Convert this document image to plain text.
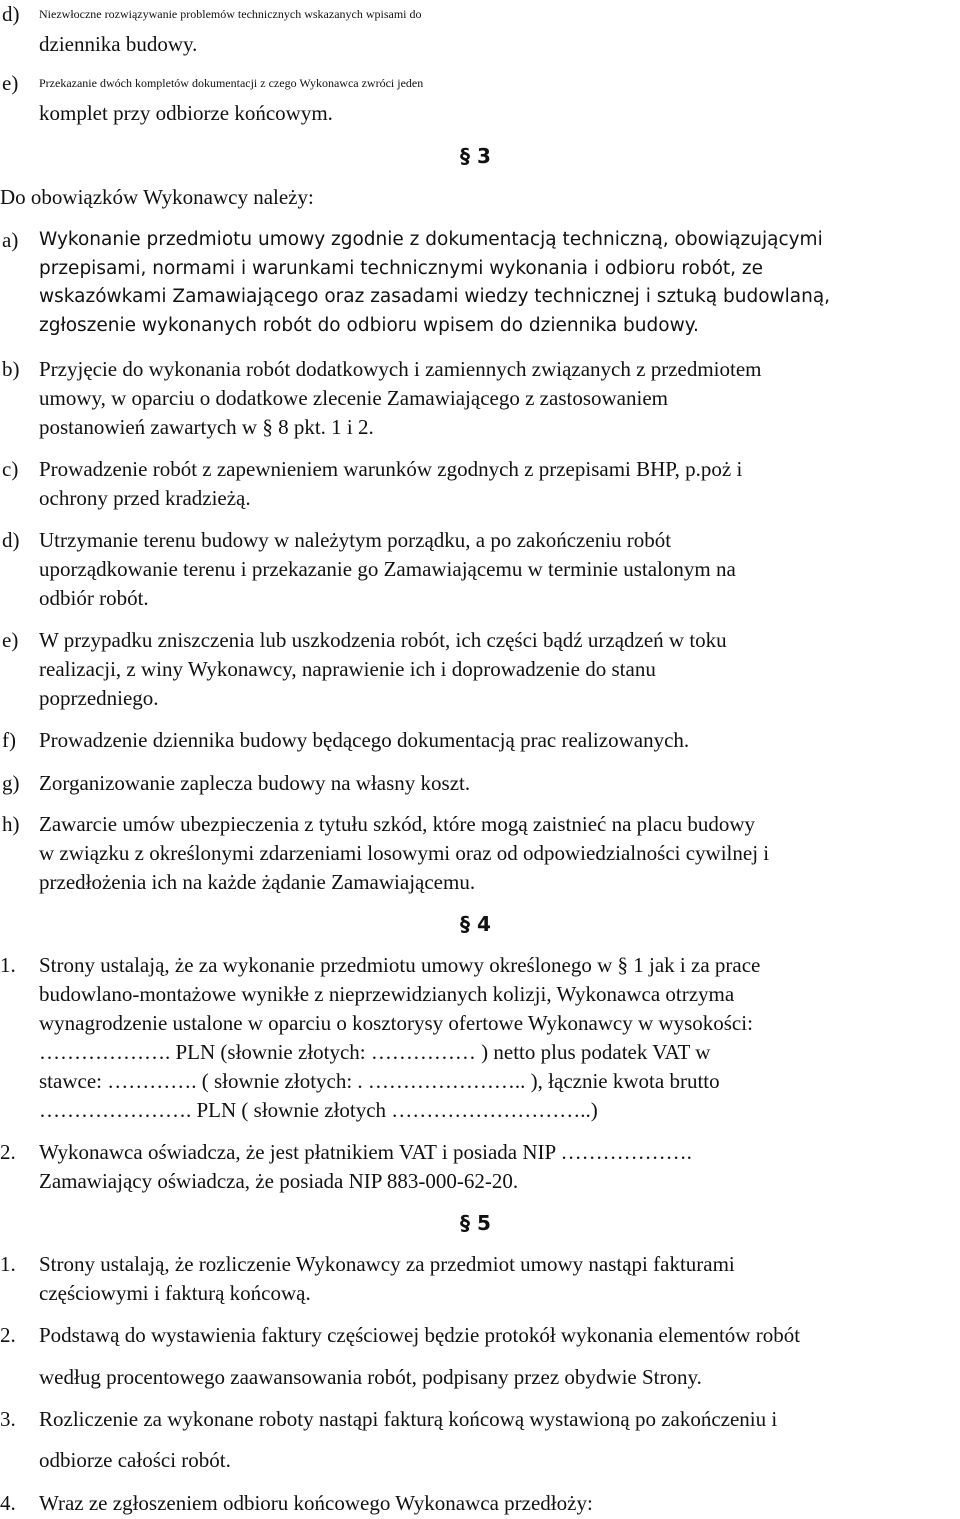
d) Niezwłoczne rozwiązywanie problemów technicznych wskazanych wpisami do
dziennika budowy.
e) Przekazanie dwóch kompletów dokumentacji z czego Wykonawca zwróci jeden
komplet przy odbiorze końcowym.
§ 3
Do obowiązków Wykonawcy należy:
a) Wykonanie przedmiotu umowy zgodnie z dokumentacją techniczną, obowiązującymi
przepisami, normami i warunkami technicznymi wykonania i odbioru robót, ze
wskazówkami Zamawiającego oraz zasadami wiedzy technicznej i sztuką budowlaną,
zgłoszenie wykonanych robót do odbioru wpisem do dziennika budowy.
b) Przyjęcie do wykonania robót dodatkowych i zamiennych związanych z przedmiotem
umowy, w oparciu o dodatkowe zlecenie Zamawiającego z zastosowaniem
postanowień zawartych w § 8 pkt. 1 i 2.
c) Prowadzenie robót z zapewnieniem warunków zgodnych z przepisami BHP, p.poż i
ochrony przed kradzieżą.
d) Utrzymanie terenu budowy w należytym porządku, a po zakończeniu robót
uporządkowanie terenu i przekazanie go Zamawiającemu w terminie ustalonym na
odbiór robót.
e) W przypadku zniszczenia lub uszkodzenia robót, ich części bądź urządzeń w toku
realizacji, z winy Wykonawcy, naprawienie ich i doprowadzenie do stanu
poprzedniego.
f) Prowadzenie dziennika budowy będącego dokumentacją prac realizowanych.
g) Zorganizowanie zaplecza budowy na własny koszt.
h) Zawarcie umów ubezpieczenia z tytułu szkód, które mogą zaistnieć na placu budowy
w związku z określonymi zdarzeniami losowymi oraz od odpowiedzialności cywilnej i
przedłożenia ich na każde żądanie Zamawiającemu.
§ 4
1. Strony ustalają, że za wykonanie przedmiotu umowy określonego w § 1 jak i za prace
budowlano-montażowe wynikłe z nieprzewidzianych kolizji, Wykonawca otrzyma
wynagrodzenie ustalone w oparciu o kosztorysy ofertowe Wykonawcy w wysokości:
………………. PLN (słownie złotych: …………… ) netto plus podatek VAT w
stawce: …………. ( słownie złotych: . ………………….. ), łącznie kwota brutto
…………………. PLN ( słownie złotych ………………………..)
2. Wykonawca oświadcza, że jest płatnikiem VAT i posiada NIP ……………….
Zamawiający oświadcza, że posiada NIP 883-000-62-20.
§ 5
1. Strony ustalają, że rozliczenie Wykonawcy za przedmiot umowy nastąpi fakturami
częściowymi i fakturą końcową.
2. Podstawą do wystawienia faktury częściowej będzie protokół wykonania elementów robót
według procentowego zaawansowania robót, podpisany przez obydwie Strony.
3. Rozliczenie za wykonane roboty nastąpi fakturą końcową wystawioną po zakończeniu i
odbiorze całości robót.
4. Wraz ze zgłoszeniem odbioru końcowego Wykonawca przedłoży:
